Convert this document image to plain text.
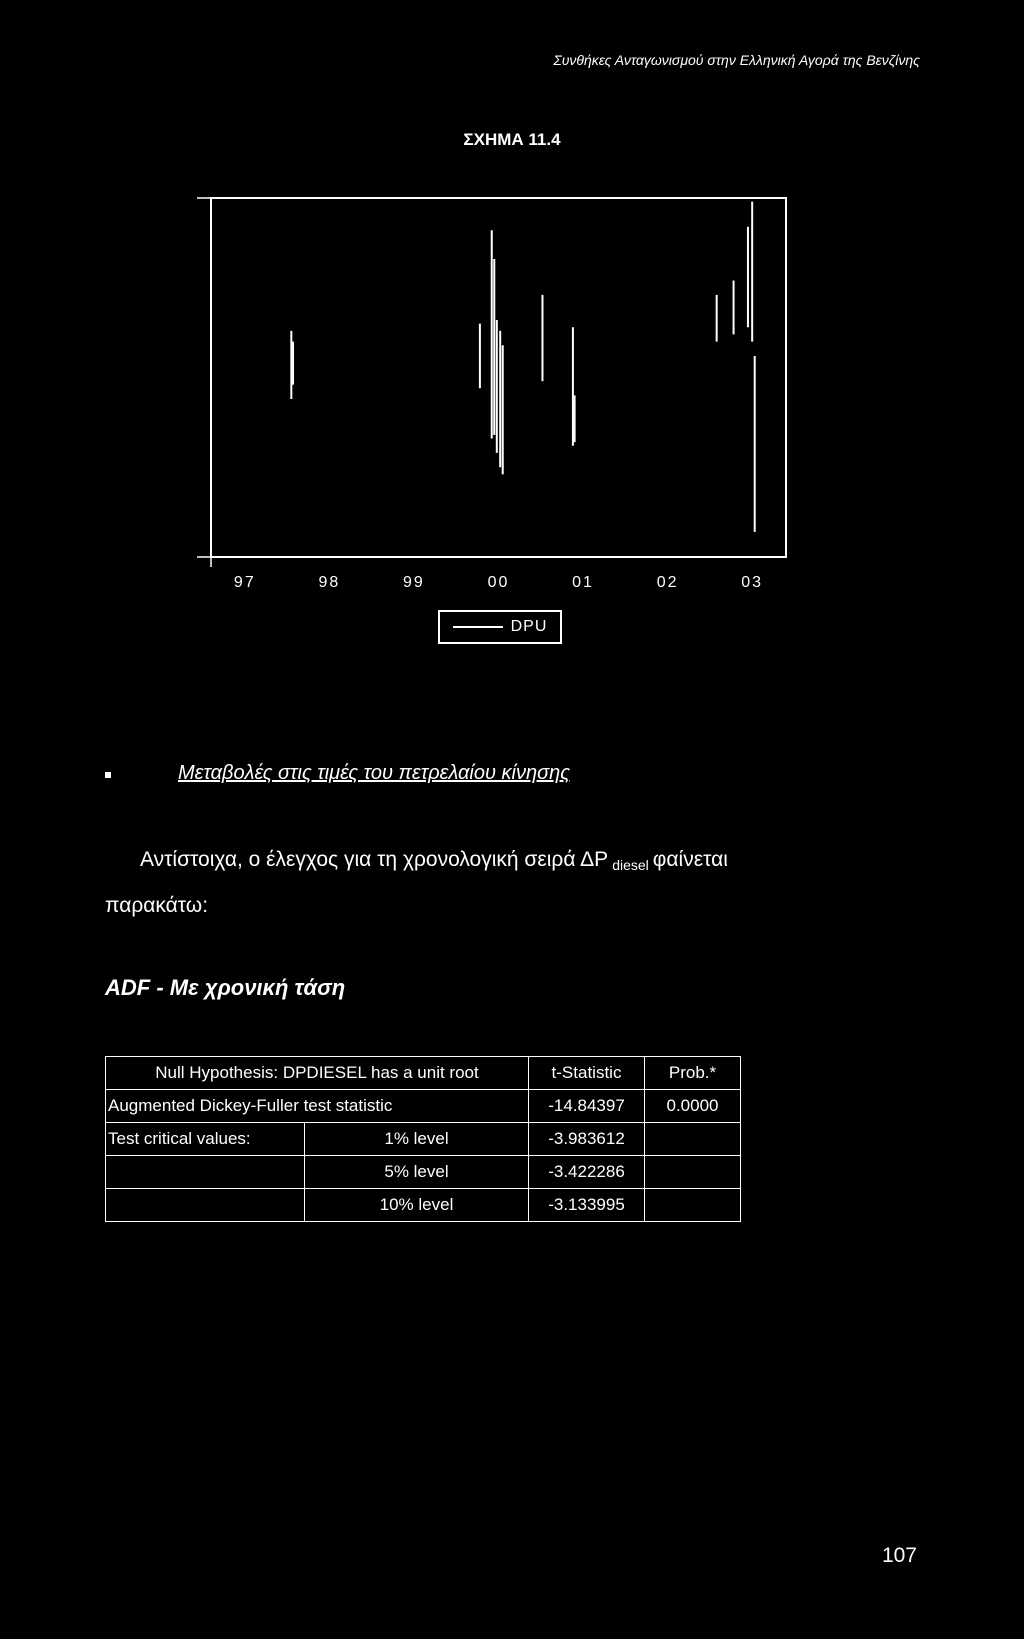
Συνθήκες Ανταγωνισμού στην Ελληνική Αγορά της Βενζίνης
ΣΧΗΜΑ 11.4
97	98	99	00	01	02	03
DPU
Μεταβολές στις τιμές του πετρελαίου κίνησης
Αντίστοιχα, ο έλεγχος για τη χρονολογική σειρά ΔΡ $_{diesel}$ φαίνεται
παρακάτω:
ADF - Με χρονική τάση
Null Hypothesis: DPDIESEL has a unit root		t-Statistic	Prob.*
Augmented Dickey-Fuller test statistic		-14.84397	0.0000
Test critical values:	1% level	-3.983612	
	5% level	-3.422286	
	10% level	-3.133995	
107
